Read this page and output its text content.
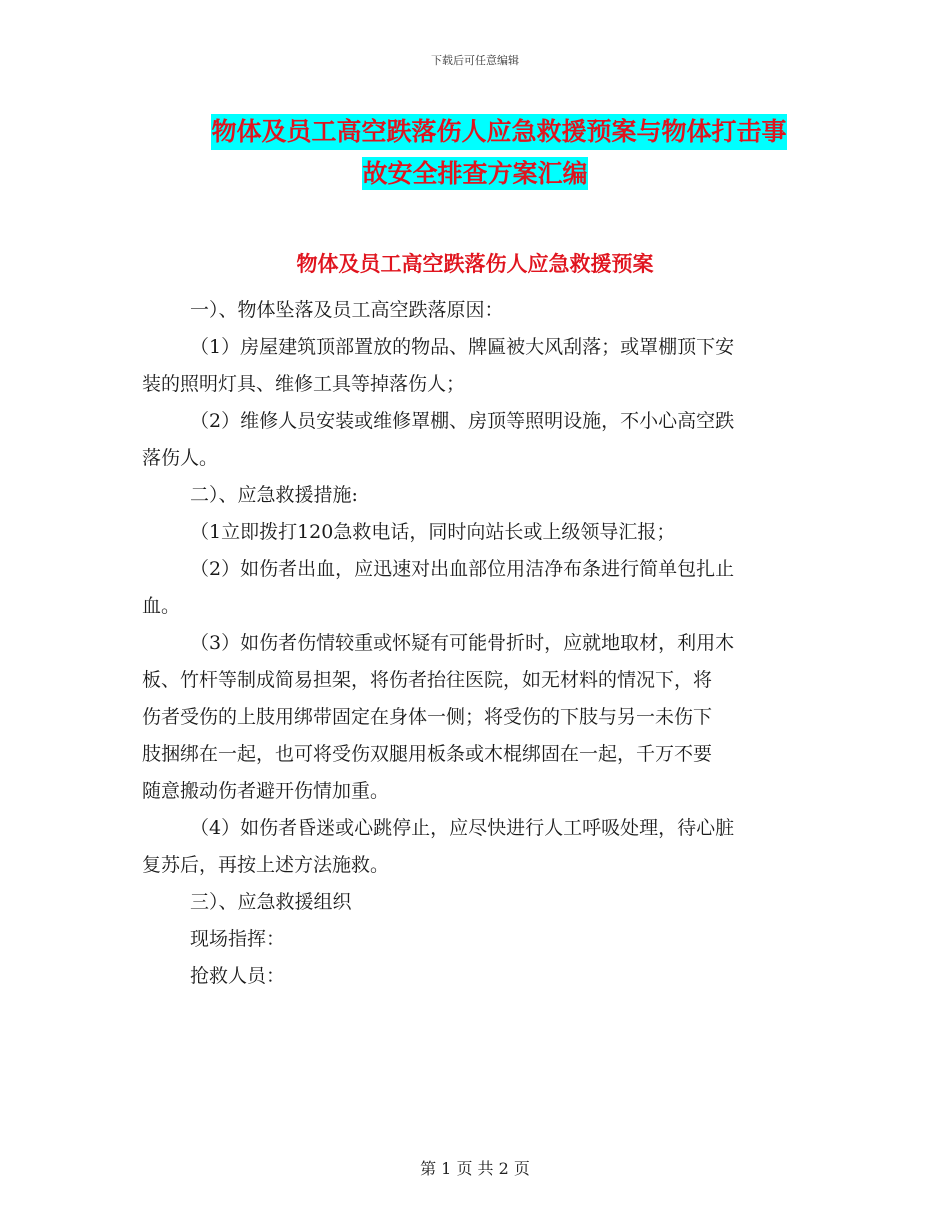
下载后可任意编辑
物体及员工高空跌落伤人应急救援预案与物体打击事
故安全排查方案汇编
物体及员工高空跌落伤人应急救援预案
一）、物体坠落及员工高空跌落原因：
（1）房屋建筑顶部置放的物品、牌匾被大风刮落；或罩棚顶下安
装的照明灯具、维修工具等掉落伤人；
（2）维修人员安装或维修罩棚、房顶等照明设施，不小心高空跌
落伤人。
二）、应急救援措施:
（1立即拨打120急救电话，同时向站长或上级领导汇报；
（2）如伤者出血，应迅速对出血部位用洁净布条进行简单包扎止
血。
（3）如伤者伤情较重或怀疑有可能骨折时，应就地取材，利用木
板、竹杆等制成简易担架，将伤者抬往医院，如无材料的情况下，将
伤者受伤的上肢用绑带固定在身体一侧；将受伤的下肢与另一未伤下
肢捆绑在一起，也可将受伤双腿用板条或木棍绑固在一起，千万不要
随意搬动伤者避开伤情加重。
（4）如伤者昏迷或心跳停止，应尽快进行人工呼吸处理，待心脏
复苏后，再按上述方法施救。
三）、应急救援组织
现场指挥：
抢救人员：
第 1 页 共 2 页
